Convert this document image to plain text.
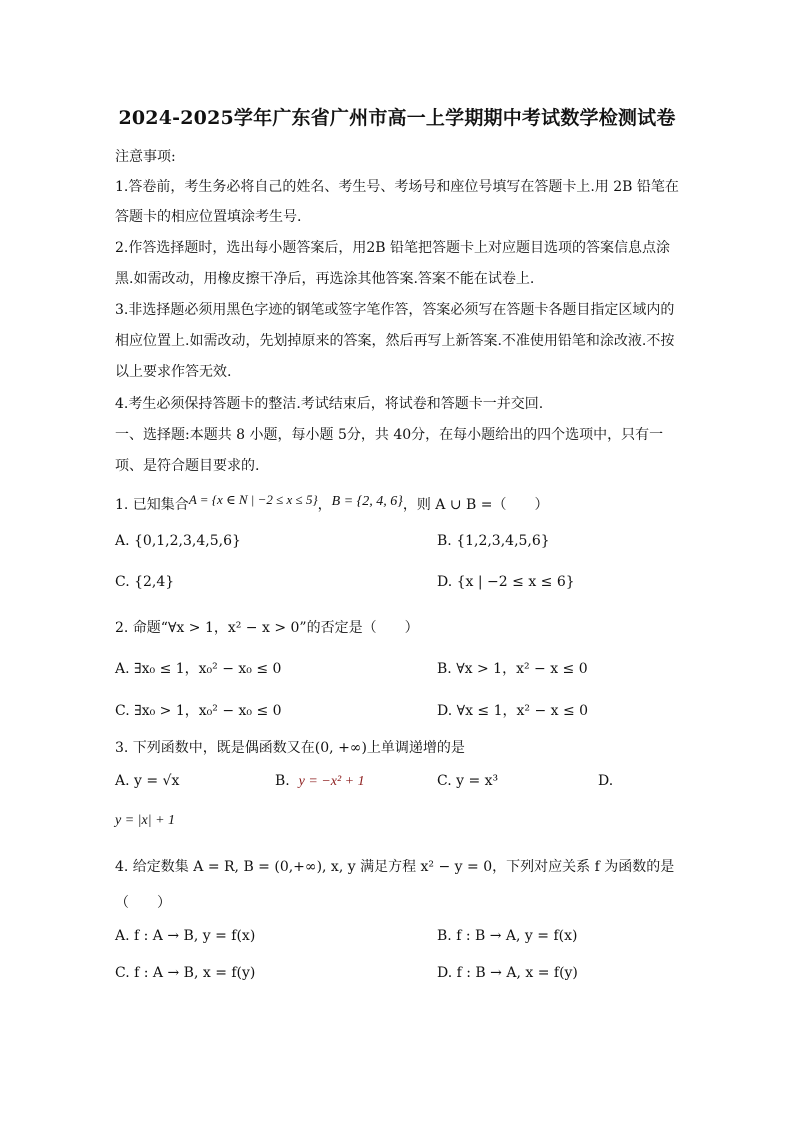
2024-2025学年广东省广州市高一上学期期中考试数学检测试卷
注意事项:
1.答卷前，考生务必将自己的姓名、考生号、考场号和座位号填写在答题卡上.用 2B 铅笔在
答题卡的相应位置填涂考生号.
2.作答选择题时，选出每小题答案后，用2B 铅笔把答题卡上对应题目选项的答案信息点涂
黑.如需改动，用橡皮擦干净后，再选涂其他答案.答案不能在试卷上.
3.非选择题必须用黑色字迹的钢笔或签字笔作答，答案必须写在答题卡各题目指定区域内的
相应位置上.如需改动，先划掉原来的答案，然后再写上新答案.不准使用铅笔和涂改液.不按
以上要求作答无效.
4.考生必须保持答题卡的整洁.考试结束后，将试卷和答题卡一并交回.
一、选择题:本题共 8 小题，每小题 5分，共 40分，在每小题给出的四个选项中，只有一
项、是符合题目要求的.
1. 已知集合A = {x ∈ N | −2 ≤ x ≤ 5}，B = {2, 4, 6}，则 A ∪ B =（　　）
A. {0,1,2,3,4,5,6}	B. {1,2,3,4,5,6}
C. {2,4}	D. {x | −2 ≤ x ≤ 6}
2. 命题“∀x > 1，x² − x > 0”的否定是（　　）
A. ∃x₀ ≤ 1，x₀² − x₀ ≤ 0	B. ∀x > 1，x² − x ≤ 0
C. ∃x₀ > 1，x₀² − x₀ ≤ 0	D. ∀x ≤ 1，x² − x ≤ 0
3. 下列函数中，既是偶函数又在(0, +∞)上单调递增的是
A. y = √x	B. y = −x² + 1	C. y = x³	D.
y = |x| + 1
4. 给定数集 A = R, B = (0,+∞), x, y 满足方程 x² − y = 0，下列对应关系 f 为函数的是
（　　）
A. f : A → B, y = f(x)	B. f : B → A, y = f(x)
C. f : A → B, x = f(y)	D. f : B → A, x = f(y)
